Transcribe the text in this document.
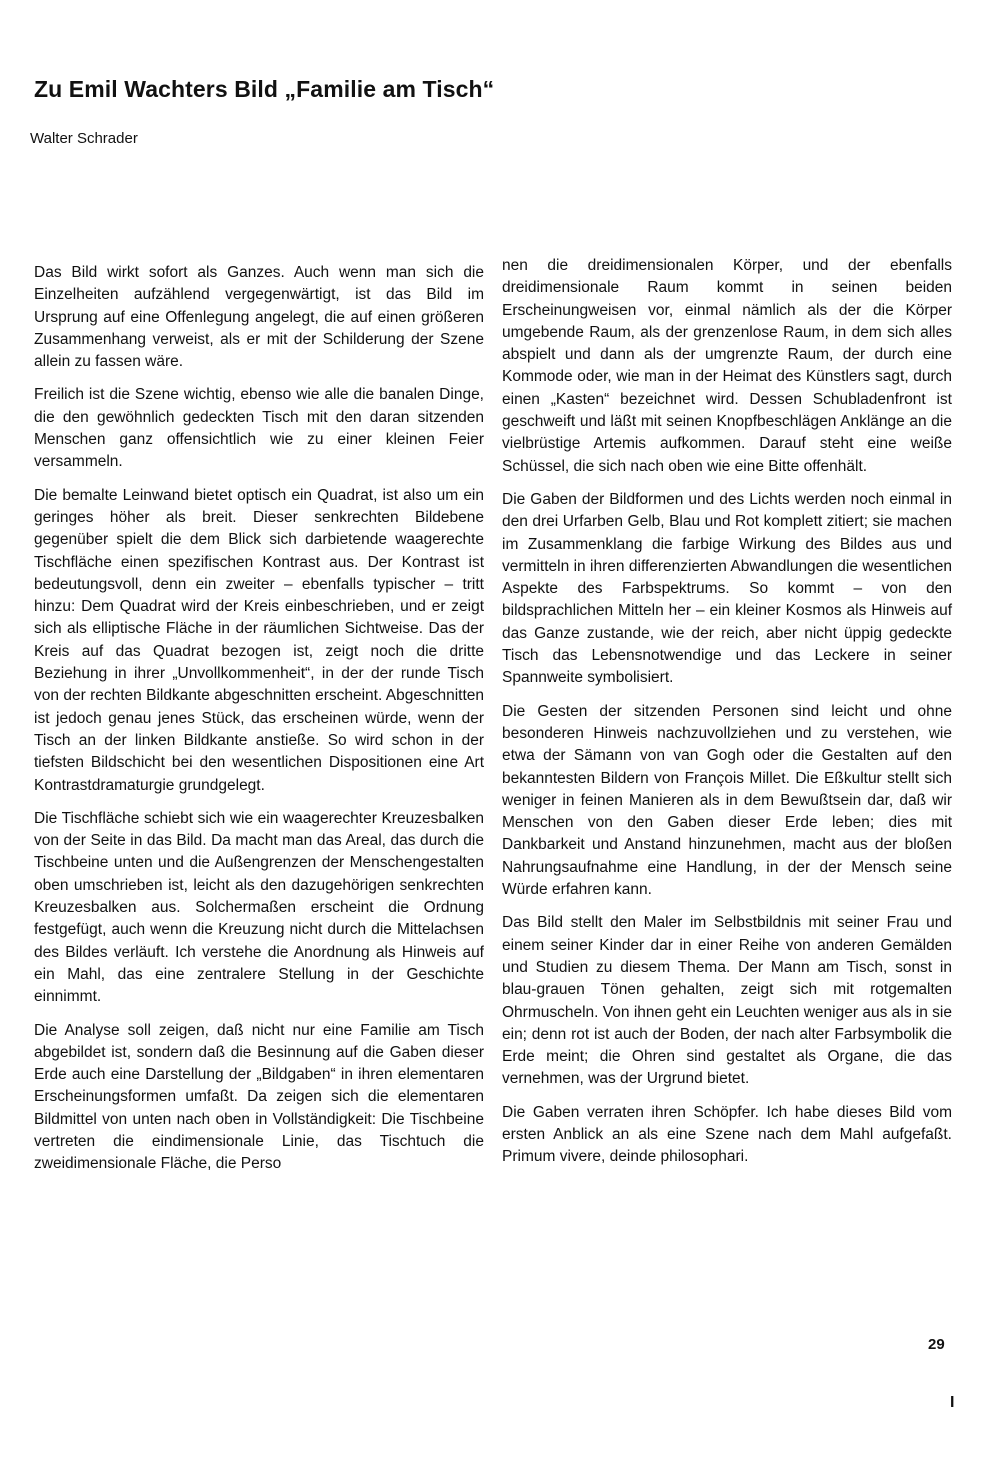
Zu Emil Wachters Bild „Familie am Tisch“

Walter Schrader

Das Bild wirkt sofort als Ganzes. Auch wenn man sich die Einzelheiten aufzählend vergegenwärtigt, ist das Bild im Ursprung auf eine Offenlegung angelegt, die auf einen größeren Zusammenhang verweist, als er mit der Schilderung der Szene allein zu fassen wäre.

Freilich ist die Szene wichtig, ebenso wie alle die banalen Dinge, die den gewöhnlich gedeckten Tisch mit den daran sitzenden Menschen ganz offensichtlich wie zu einer kleinen Feier versammeln.

Die bemalte Leinwand bietet optisch ein Quadrat, ist also um ein geringes höher als breit. Dieser senkrechten Bildebene gegenüber spielt die dem Blick sich darbietende waagerechte Tischfläche einen spezifischen Kontrast aus. Der Kontrast ist bedeutungsvoll, denn ein zweiter – ebenfalls typischer – tritt hinzu: Dem Quadrat wird der Kreis einbeschrieben, und er zeigt sich als elliptische Fläche in der räumlichen Sichtweise. Das der Kreis auf das Quadrat bezogen ist, zeigt noch die dritte Beziehung in ihrer „Unvollkommenheit“, in der der runde Tisch von der rechten Bildkante abgeschnitten erscheint. Abgeschnitten ist jedoch genau jenes Stück, das erscheinen würde, wenn der Tisch an der linken Bildkante anstieße. So wird schon in der tiefsten Bildschicht bei den wesentlichen Dispositionen eine Art Kontrastdramaturgie grundgelegt.

Die Tischfläche schiebt sich wie ein waagerechter Kreuzesbalken von der Seite in das Bild. Da macht man das Areal, das durch die Tischbeine unten und die Außengrenzen der Menschengestalten oben umschrieben ist, leicht als den dazugehörigen senkrechten Kreuzesbalken aus. Solchermaßen erscheint die Ordnung festgefügt, auch wenn die Kreuzung nicht durch die Mittelachsen des Bildes verläuft. Ich verstehe die Anordnung als Hinweis auf ein Mahl, das eine zentralere Stellung in der Geschichte einnimmt.

Die Analyse soll zeigen, daß nicht nur eine Familie am Tisch abgebildet ist, sondern daß die Besinnung auf die Gaben dieser Erde auch eine Darstellung der „Bildgaben“ in ihren elementaren Erscheinungsformen umfaßt. Da zeigen sich die elementaren Bildmittel von unten nach oben in Vollständigkeit: Die Tischbeine vertreten die eindimensionale Linie, das Tischtuch die zweidimensionale Fläche, die Perso

nen die dreidimensionalen Körper, und der ebenfalls dreidimensionale Raum kommt in seinen beiden Erscheinungweisen vor, einmal nämlich als der die Körper umgebende Raum, als der grenzenlose Raum, in dem sich alles abspielt und dann als der umgrenzte Raum, der durch eine Kommode oder, wie man in der Heimat des Künstlers sagt, durch einen „Kasten“ bezeichnet wird. Dessen Schubladenfront ist geschweift und läßt mit seinen Knopfbeschlägen Anklänge an die vielbrüstige Artemis aufkommen. Darauf steht eine weiße Schüssel, die sich nach oben wie eine Bitte offenhält.

Die Gaben der Bildformen und des Lichts werden noch einmal in den drei Urfarben Gelb, Blau und Rot komplett zitiert; sie machen im Zusammenklang die farbige Wirkung des Bildes aus und vermitteln in ihren differenzierten Abwandlungen die wesentlichen Aspekte des Farbspektrums. So kommt – von den bildsprachlichen Mitteln her – ein kleiner Kosmos als Hinweis auf das Ganze zustande, wie der reich, aber nicht üppig gedeckte Tisch das Lebensnotwendige und das Leckere in seiner Spannweite symbolisiert.

Die Gesten der sitzenden Personen sind leicht und ohne besonderen Hinweis nachzuvollziehen und zu verstehen, wie etwa der Sämann von van Gogh oder die Gestalten auf den bekanntesten Bildern von François Millet. Die Eßkultur stellt sich weniger in feinen Manieren als in dem Bewußtsein dar, daß wir Menschen von den Gaben dieser Erde leben; dies mit Dankbarkeit und Anstand hinzunehmen, macht aus der bloßen Nahrungsaufnahme eine Handlung, in der der Mensch seine Würde erfahren kann.

Das Bild stellt den Maler im Selbstbildnis mit seiner Frau und einem seiner Kinder dar in einer Reihe von anderen Gemälden und Studien zu diesem Thema. Der Mann am Tisch, sonst in blau-grauen Tönen gehalten, zeigt sich mit rotgemalten Ohrmuscheln. Von ihnen geht ein Leuchten weniger aus als in sie ein; denn rot ist auch der Boden, der nach alter Farbsymbolik die Erde meint; die Ohren sind gestaltet als Organe, die das vernehmen, was der Urgrund bietet.

Die Gaben verraten ihren Schöpfer. Ich habe dieses Bild vom ersten Anblick an als eine Szene nach dem Mahl aufgefaßt. Primum vivere, deinde philosophari.

29

I
